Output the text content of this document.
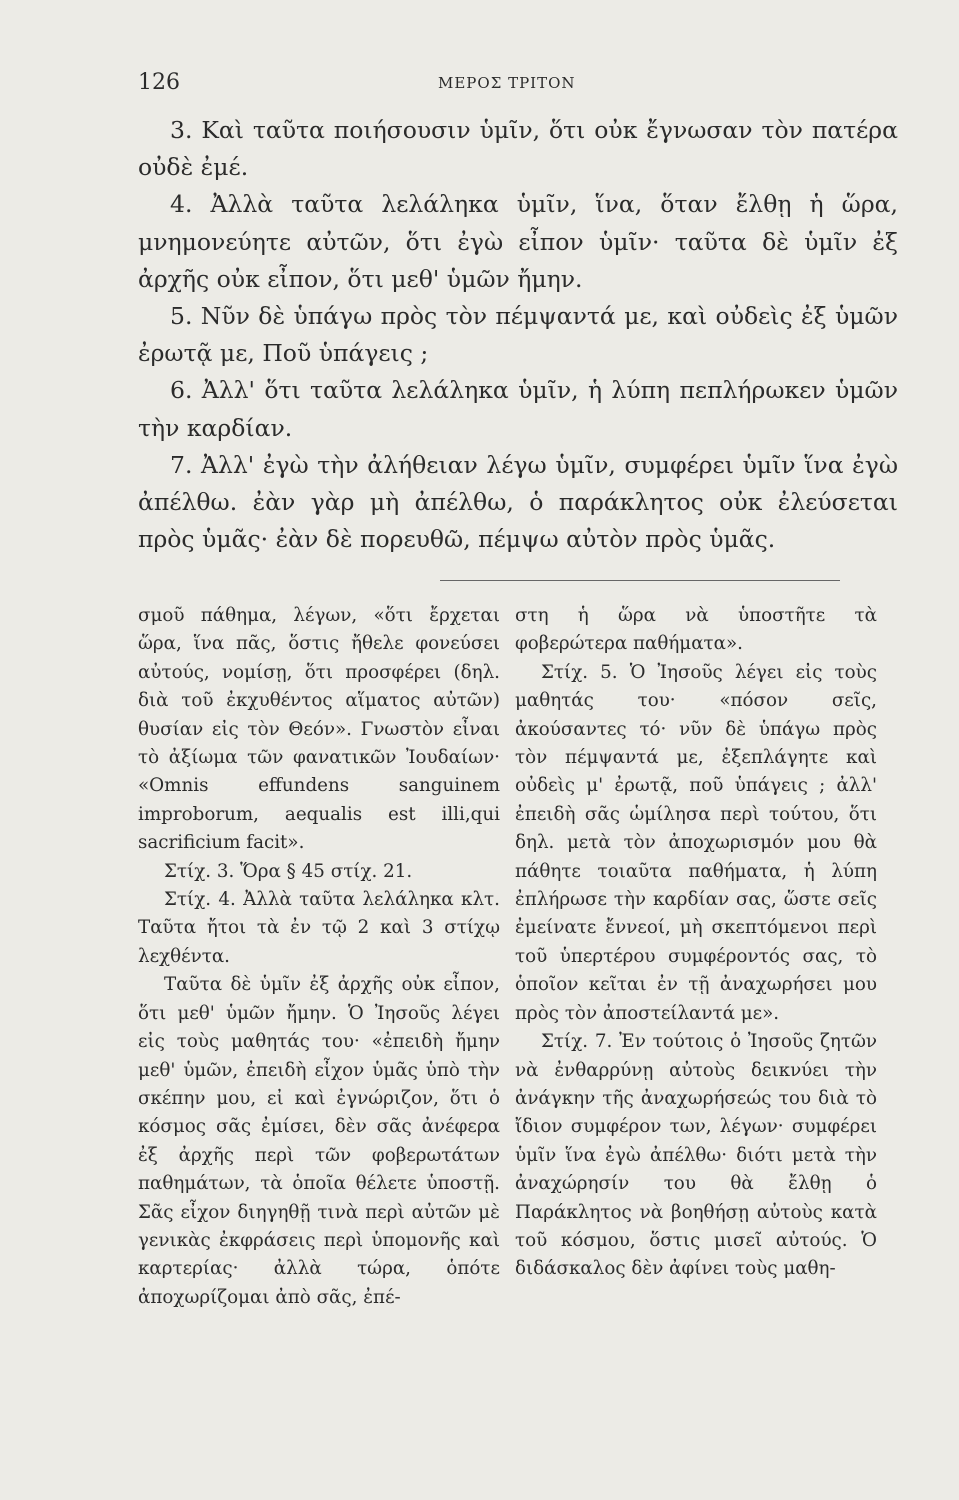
126	ΜΕΡΟΣ ΤΡΙΤΟΝ

3. Καὶ ταῦτα ποιήσουσιν ὑμῖν, ὅτι οὐκ ἔγνωσαν τὸν πατέρα οὐδὲ ἐμέ.

4. Ἀλλὰ ταῦτα λελάληκα ὑμῖν, ἵνα, ὅταν ἔλθῃ ἡ ὥρα, μνημονεύητε αὐτῶν, ὅτι ἐγὼ εἶπον ὑμῖν· ταῦτα δὲ ὑμῖν ἐξ ἀρχῆς οὐκ εἶπον, ὅτι μεθ' ὑμῶν ἤμην.

5. Νῦν δὲ ὑπάγω πρὸς τὸν πέμψαντά με, καὶ οὐδεὶς ἐξ ὑμῶν ἐρωτᾷ με, Ποῦ ὑπάγεις ;

6. Ἀλλ' ὅτι ταῦτα λελάληκα ὑμῖν, ἡ λύπη πεπλήρωκεν ὑμῶν τὴν καρδίαν.

7. Ἀλλ' ἐγὼ τὴν ἀλήθειαν λέγω ὑμῖν, συμφέρει ὑμῖν ἵνα ἐγὼ ἀπέλθω. ἐὰν γὰρ μὴ ἀπέλθω, ὁ παράκλητος οὐκ ἐλεύσεται πρὸς ὑμᾶς· ἐὰν δὲ πορευθῶ, πέμψω αὐτὸν πρὸς ὑμᾶς.

σμοῦ πάθημα, λέγων, «ὅτι ἔρχεται ὥρα, ἵνα πᾶς, ὅστις ἤθελε φονεύσει αὐτούς, νομίσῃ, ὅτι προσφέρει (δηλ. διὰ τοῦ ἐκχυθέντος αἵματος αὐτῶν) θυσίαν εἰς τὸν Θεόν». Γνωστὸν εἶναι τὸ ἀξίωμα τῶν φανατικῶν Ἰουδαίων· «Omnis effundens sanguinem improborum, aequalis est illi,qui sacrificium facit».

Στίχ. 3. Ὅρα § 45 στίχ. 21.

Στίχ. 4. Ἀλλὰ ταῦτα λελάληκα κλτ. Ταῦτα ἤτοι τὰ ἐν τῷ 2 καὶ 3 στίχῳ λεχθέντα.

Ταῦτα δὲ ὑμῖν ἐξ ἀρχῆς οὐκ εἶπον, ὅτι μεθ' ὑμῶν ἤμην. Ὁ Ἰησοῦς λέγει εἰς τοὺς μαθητάς του· «ἐπειδὴ ἤμην μεθ' ὑμῶν, ἐπειδὴ εἶχον ὑμᾶς ὑπὸ τὴν σκέπην μου, εἰ καὶ ἐγνώριζον, ὅτι ὁ κόσμος σᾶς ἐμίσει, δὲν σᾶς ἀνέφερα ἐξ ἀρχῆς περὶ τῶν φοβερωτάτων παθημάτων, τὰ ὁποῖα θέλετε ὑποστῇ. Σᾶς εἶχον διηγηθῇ τινὰ περὶ αὐτῶν μὲ γενικὰς ἐκφράσεις περὶ ὑπομονῆς καὶ καρτερίας· ἀλλὰ τώρα, ὁπότε ἀποχωρίζομαι ἀπὸ σᾶς, ἐπέ-

στη ἡ ὥρα νὰ ὑποστῆτε τὰ φοβερώτερα παθήματα».

Στίχ. 5. Ὁ Ἰησοῦς λέγει εἰς τοὺς μαθητάς του· «πόσον σεῖς, ἀκούσαντες τό· νῦν δὲ ὑπάγω πρὸς τὸν πέμψαντά με, ἐξεπλάγητε καὶ οὐδεὶς μ' ἐρωτᾷ, ποῦ ὑπάγεις ; ἀλλ' ἐπειδὴ σᾶς ὡμίλησα περὶ τούτου, ὅτι δηλ. μετὰ τὸν ἀποχωρισμόν μου θὰ πάθητε τοιαῦτα παθήματα, ἡ λύπη ἐπλήρωσε τὴν καρδίαν σας, ὥστε σεῖς ἐμείνατε ἔννεοί, μὴ σκεπτόμενοι περὶ τοῦ ὑπερτέρου συμφέροντός σας, τὸ ὁποῖον κεῖται ἐν τῇ ἀναχωρήσει μου πρὸς τὸν ἀποστείλαντά με».

Στίχ. 7. Ἐν τούτοις ὁ Ἰησοῦς ζητῶν νὰ ἐνθαρρύνῃ αὐτοὺς δεικνύει τὴν ἀνάγκην τῆς ἀναχωρήσεώς του διὰ τὸ ἴδιον συμφέρον των, λέγων· συμφέρει ὑμῖν ἵνα ἐγὼ ἀπέλθω· διότι μετὰ τὴν ἀναχώρησίν του θὰ ἔλθῃ ὁ Παράκλητος νὰ βοηθήσῃ αὐτοὺς κατὰ τοῦ κόσμου, ὅστις μισεῖ αὐτούς. Ὁ διδάσκαλος δὲν ἀφίνει τοὺς μαθη-
